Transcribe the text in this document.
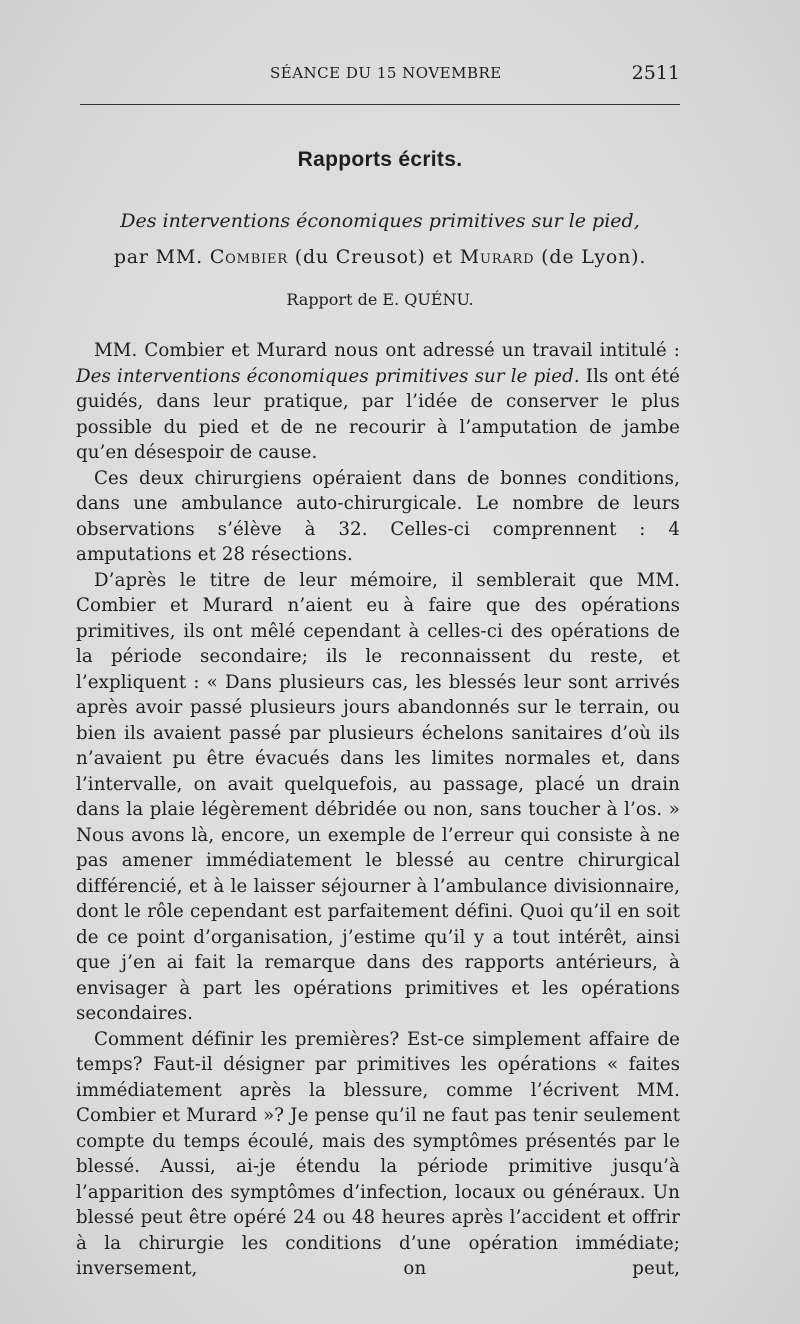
SÉANCE DU 15 NOVEMBRE	2511
Rapports écrits.
Des interventions économiques primitives sur le pied,
par MM. Combier (du Creusot) et Murard (de Lyon).
Rapport de E. QUÉNU.

MM. Combier et Murard nous ont adressé un travail intitulé : Des interventions économiques primitives sur le pied. Ils ont été guidés, dans leur pratique, par l’idée de conserver le plus possible du pied et de ne recourir à l’amputation de jambe qu’en désespoir de cause.

Ces deux chirurgiens opéraient dans de bonnes conditions, dans une ambulance auto-chirurgicale. Le nombre de leurs observations s’élève à 32. Celles-ci comprennent : 4 amputations et 28 résections.

D’après le titre de leur mémoire, il semblerait que MM. Combier et Murard n’aient eu à faire que des opérations primitives, ils ont mêlé cependant à celles-ci des opérations de la période secondaire; ils le reconnaissent du reste, et l’expliquent : « Dans plusieurs cas, les blessés leur sont arrivés après avoir passé plusieurs jours abandonnés sur le terrain, ou bien ils avaient passé par plusieurs échelons sanitaires d’où ils n’avaient pu être évacués dans les limites normales et, dans l’intervalle, on avait quelquefois, au passage, placé un drain dans la plaie légèrement débridée ou non, sans toucher à l’os. » Nous avons là, encore, un exemple de l’erreur qui consiste à ne pas amener immédiatement le blessé au centre chirurgical différencié, et à le laisser séjourner à l’ambulance divisionnaire, dont le rôle cependant est parfaitement défini. Quoi qu’il en soit de ce point d’organisation, j’estime qu’il y a tout intérêt, ainsi que j’en ai fait la remarque dans des rapports antérieurs, à envisager à part les opérations primitives et les opérations secondaires.

Comment définir les premières? Est-ce simplement affaire de temps? Faut-il désigner par primitives les opérations « faites immédiatement après la blessure, comme l’écrivent MM. Combier et Murard »? Je pense qu’il ne faut pas tenir seulement compte du temps écoulé, mais des symptômes présentés par le blessé. Aussi, ai-je étendu la période primitive jusqu’à l’apparition des symptômes d’infection, locaux ou généraux. Un blessé peut être opéré 24 ou 48 heures après l’accident et offrir à la chirurgie les conditions d’une opération immédiate; inversement, on peut,
